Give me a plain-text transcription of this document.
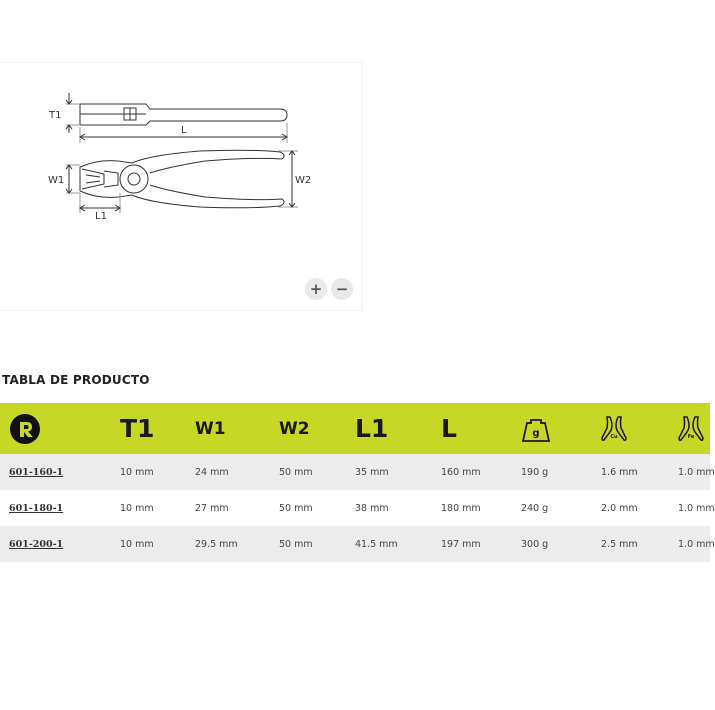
T1
L
W1	W2
L1
+ −
TABLA DE PRODUCTO
	T1	W1	W2	L1	L	g	Cu	Fe

601-160-1	10 mm	24 mm	50 mm	35 mm	160 mm	190 g	1.6 mm	1.0 mm
601-180-1	10 mm	27 mm	50 mm	38 mm	180 mm	240 g	2.0 mm	1.0 mm
601-200-1	10 mm	29.5 mm	50 mm	41.5 mm	197 mm	300 g	2.5 mm	1.0 mm
